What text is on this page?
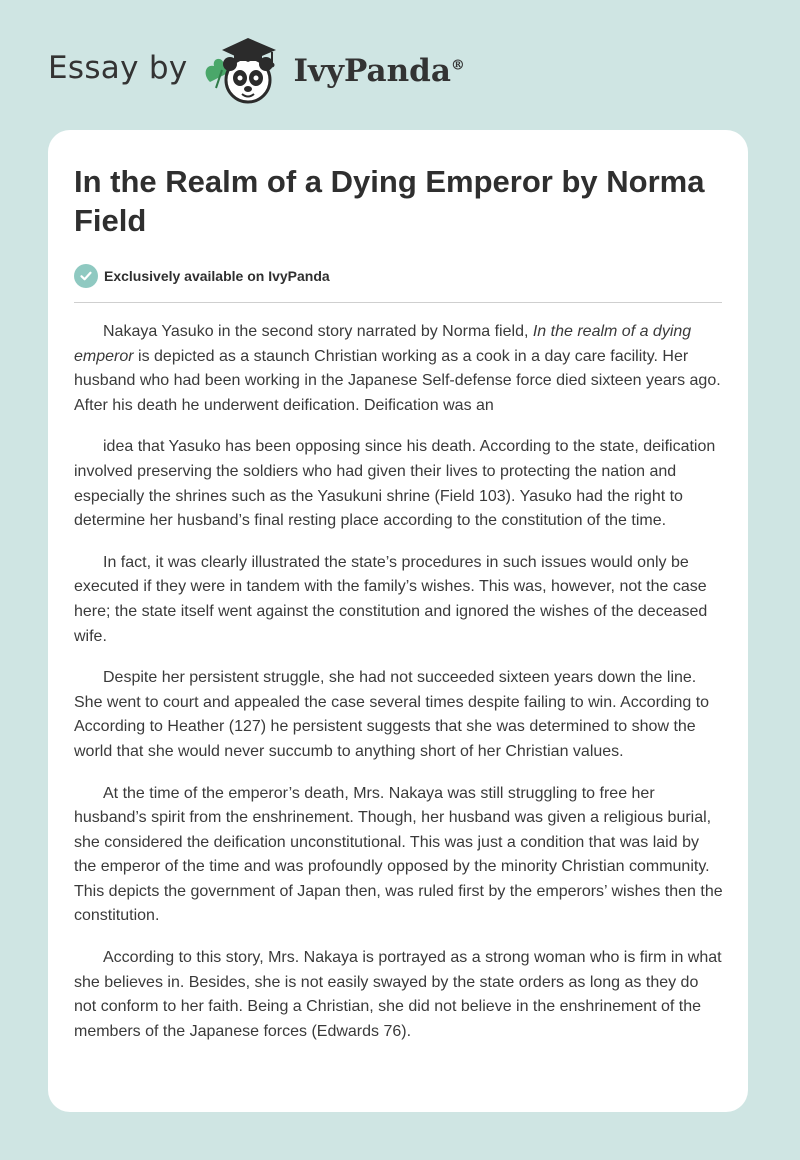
Essay by	IvyPanda®
In the Realm of a Dying Emperor by Norma Field
Exclusively available on IvyPanda

Nakaya Yasuko in the second story narrated by Norma field, In the realm of a dying emperor is depicted as a staunch Christian working as a cook in a day care facility. Her husband who had been working in the Japanese Self-defense force died sixteen years ago. After his death he underwent deification. Deification was an

idea that Yasuko has been opposing since his death. According to the state, deification involved preserving the soldiers who had given their lives to protecting the nation and especially the shrines such as the Yasukuni shrine (Field 103). Yasuko had the right to determine her husband’s final resting place according to the constitution of the time.

In fact, it was clearly illustrated the state’s procedures in such issues would only be executed if they were in tandem with the family’s wishes. This was, however, not the case here; the state itself went against the constitution and ignored the wishes of the deceased wife.

Despite her persistent struggle, she had not succeeded sixteen years down the line. She went to court and appealed the case several times despite failing to win. According to According to Heather (127) he persistent suggests that she was determined to show the world that she would never succumb to anything short of her Christian values.

At the time of the emperor’s death, Mrs. Nakaya was still struggling to free her husband’s spirit from the enshrinement. Though, her husband was given a religious burial, she considered the deification unconstitutional. This was just a condition that was laid by the emperor of the time and was profoundly opposed by the minority Christian community. This depicts the government of Japan then, was ruled first by the emperors’ wishes then the constitution.

According to this story, Mrs. Nakaya is portrayed as a strong woman who is firm in what she believes in. Besides, she is not easily swayed by the state orders as long as they do not conform to her faith. Being a Christian, she did not believe in the enshrinement of the members of the Japanese forces (Edwards 76).
